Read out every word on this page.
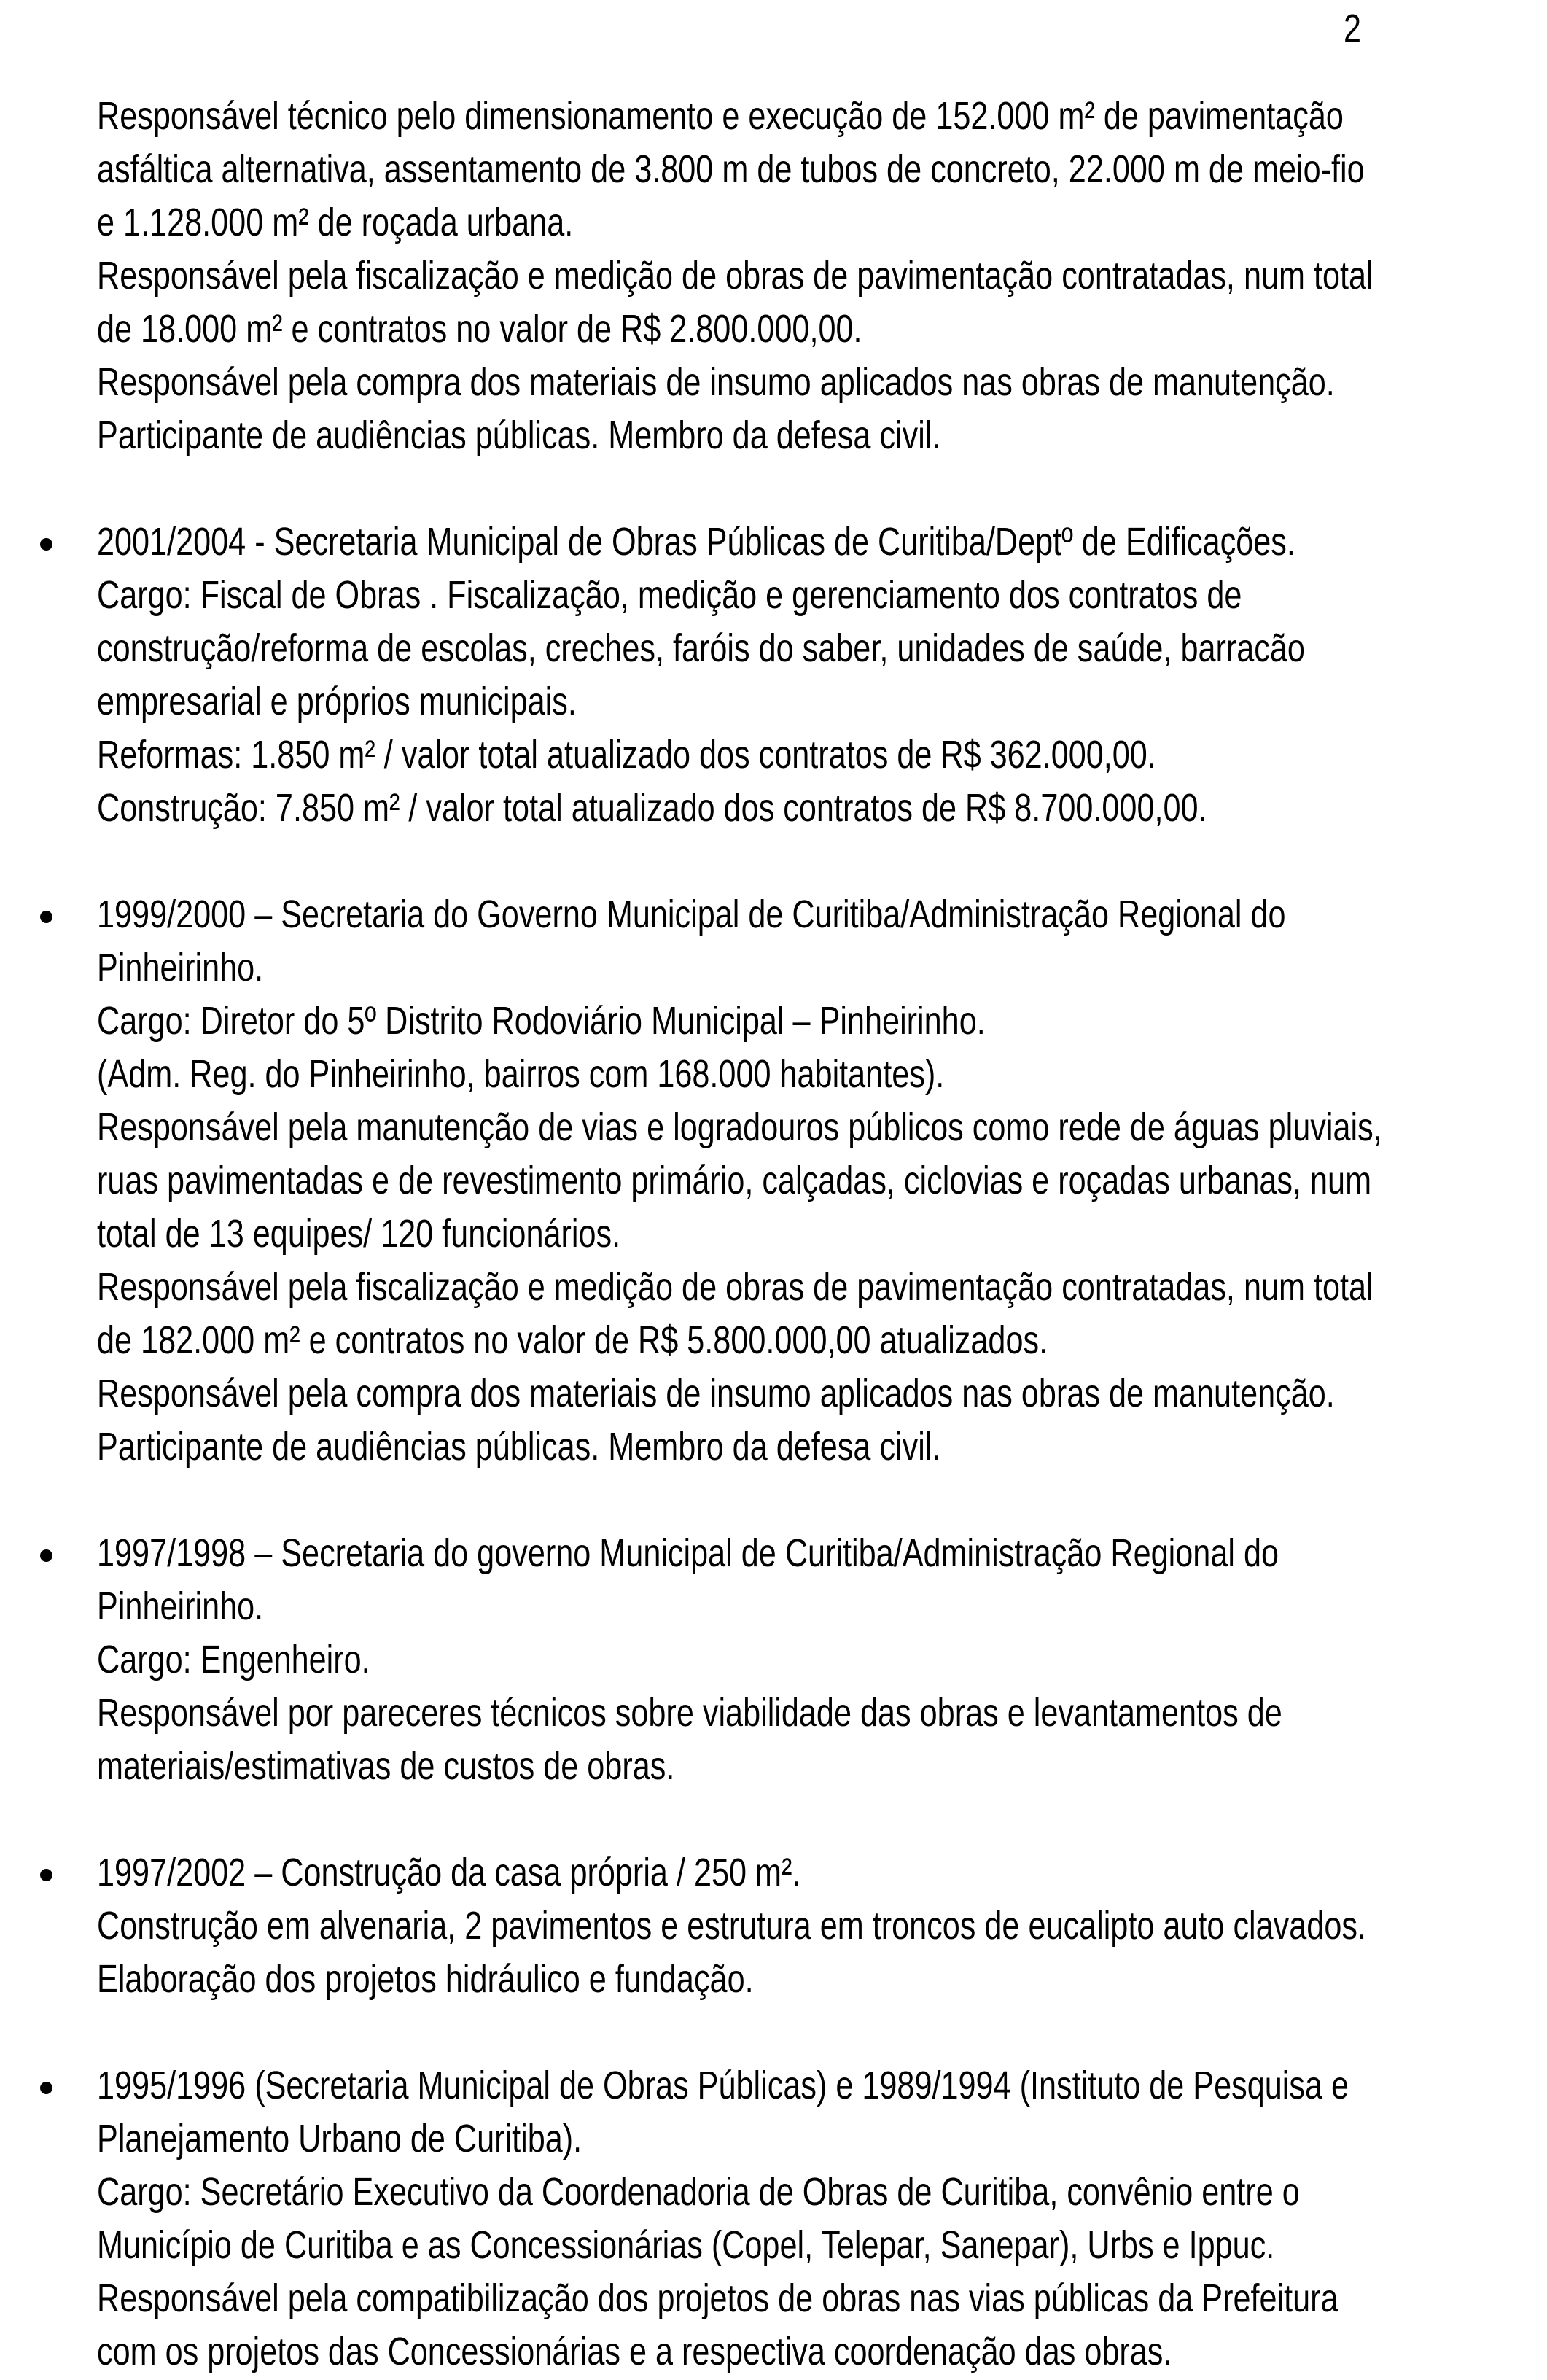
2
Responsável técnico pelo dimensionamento e execução de 152.000 m² de pavimentação
asfáltica alternativa, assentamento de 3.800 m de tubos de concreto, 22.000 m de meio-fio
e 1.128.000 m² de roçada urbana.
Responsável pela fiscalização e medição de obras de pavimentação contratadas, num total
de 18.000 m² e contratos no valor de R$ 2.800.000,00.
Responsável pela compra dos materiais de insumo aplicados nas obras de manutenção.
Participante de audiências públicas. Membro da defesa civil.
2001/2004 - Secretaria Municipal de Obras Públicas de Curitiba/Deptº de Edificações.
Cargo: Fiscal de Obras . Fiscalização, medição e gerenciamento dos contratos de
construção/reforma de escolas, creches, faróis do saber, unidades de saúde, barracão
empresarial e próprios municipais.
Reformas: 1.850 m² / valor total atualizado dos contratos de R$ 362.000,00.
Construção: 7.850 m² / valor total atualizado dos contratos de R$ 8.700.000,00.
1999/2000 – Secretaria do Governo Municipal de Curitiba/Administração Regional do
Pinheirinho.
Cargo: Diretor do 5º Distrito Rodoviário Municipal – Pinheirinho.
(Adm. Reg. do Pinheirinho, bairros com 168.000 habitantes).
Responsável pela manutenção de vias e logradouros públicos como rede de águas pluviais,
ruas pavimentadas e de revestimento primário, calçadas, ciclovias e roçadas urbanas, num
total de 13 equipes/ 120 funcionários.
Responsável pela fiscalização e medição de obras de pavimentação contratadas, num total
de 182.000 m² e contratos no valor de R$ 5.800.000,00 atualizados.
Responsável pela compra dos materiais de insumo aplicados nas obras de manutenção.
Participante de audiências públicas. Membro da defesa civil.
1997/1998 – Secretaria do governo Municipal de Curitiba/Administração Regional do
Pinheirinho.
Cargo: Engenheiro.
Responsável por pareceres técnicos sobre viabilidade das obras e levantamentos de
materiais/estimativas de custos de obras.
1997/2002 – Construção da casa própria / 250 m².
Construção em alvenaria, 2 pavimentos e estrutura em troncos de eucalipto auto clavados.
Elaboração dos projetos hidráulico e fundação.
1995/1996 (Secretaria Municipal de Obras Públicas) e 1989/1994 (Instituto de Pesquisa e
Planejamento Urbano de Curitiba).
Cargo: Secretário Executivo da Coordenadoria de Obras de Curitiba, convênio entre o
Município de Curitiba e as Concessionárias (Copel, Telepar, Sanepar), Urbs e Ippuc.
Responsável pela compatibilização dos projetos de obras nas vias públicas da Prefeitura
com os projetos das Concessionárias e a respectiva coordenação das obras.
